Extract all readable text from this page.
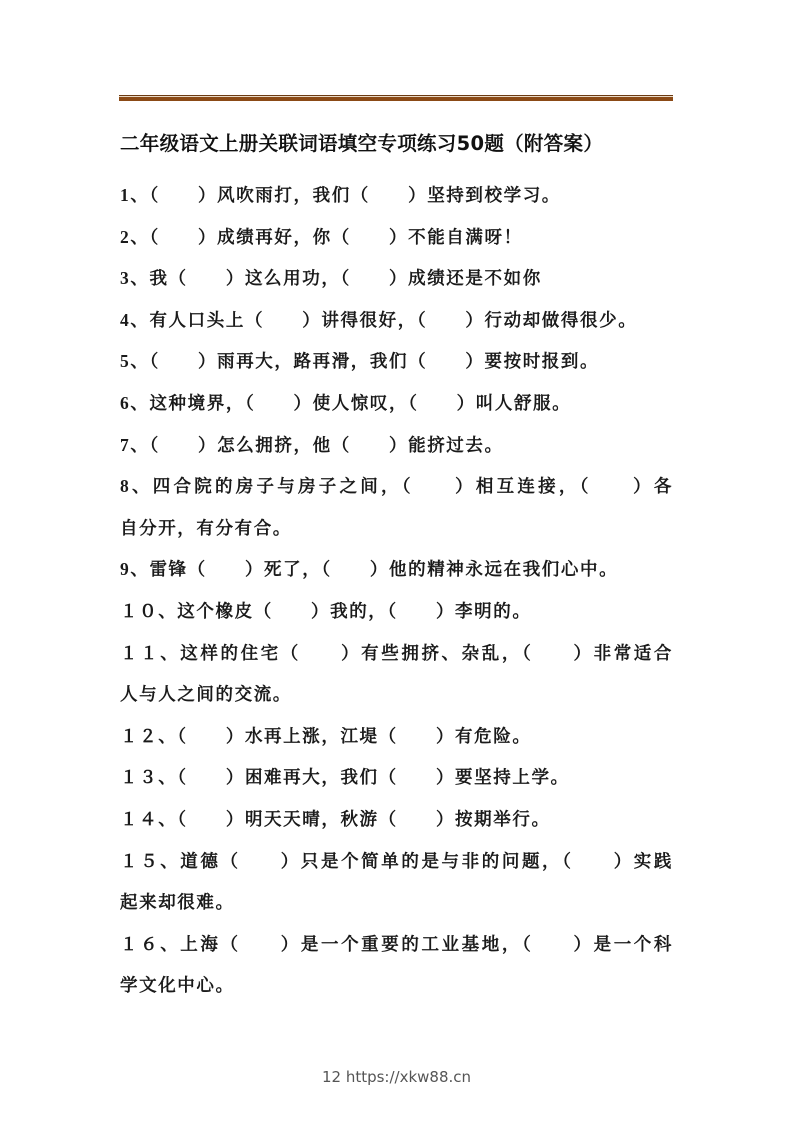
二年级语文上册关联词语填空专项练习50题（附答案）
1、（　　）风吹雨打，我们（　　）坚持到校学习。
2、（　　）成绩再好，你（　　）不能自满呀！
3、我（　　）这么用功，（　　）成绩还是不如你
4、有人口头上（　　）讲得很好，（　　）行动却做得很少。
5、（　　）雨再大，路再滑，我们（　　）要按时报到。
6、这种境界，（　　）使人惊叹，（　　）叫人舒服。
7、（　　）怎么拥挤，他（　　）能挤过去。
8、四合院的房子与房子之间，（　　）相互连接，（　　）各
自分开，有分有合。
9、雷锋（　　）死了，（　　）他的精神永远在我们心中。
１０、这个橡皮（　　）我的，（　　）李明的。
１１、这样的住宅（　　）有些拥挤、杂乱，（　　）非常适合
人与人之间的交流。
１２、（　　）水再上涨，江堤（　　）有危险。
１３、（　　）困难再大，我们（　　）要坚持上学。
１４、（　　）明天天晴，秋游（　　）按期举行。
１５、道德（　　）只是个简单的是与非的问题，（　　）实践
起来却很难。
１６、上海（　　）是一个重要的工业基地，（　　）是一个科
学文化中心。
12 https://xkw88.cn
